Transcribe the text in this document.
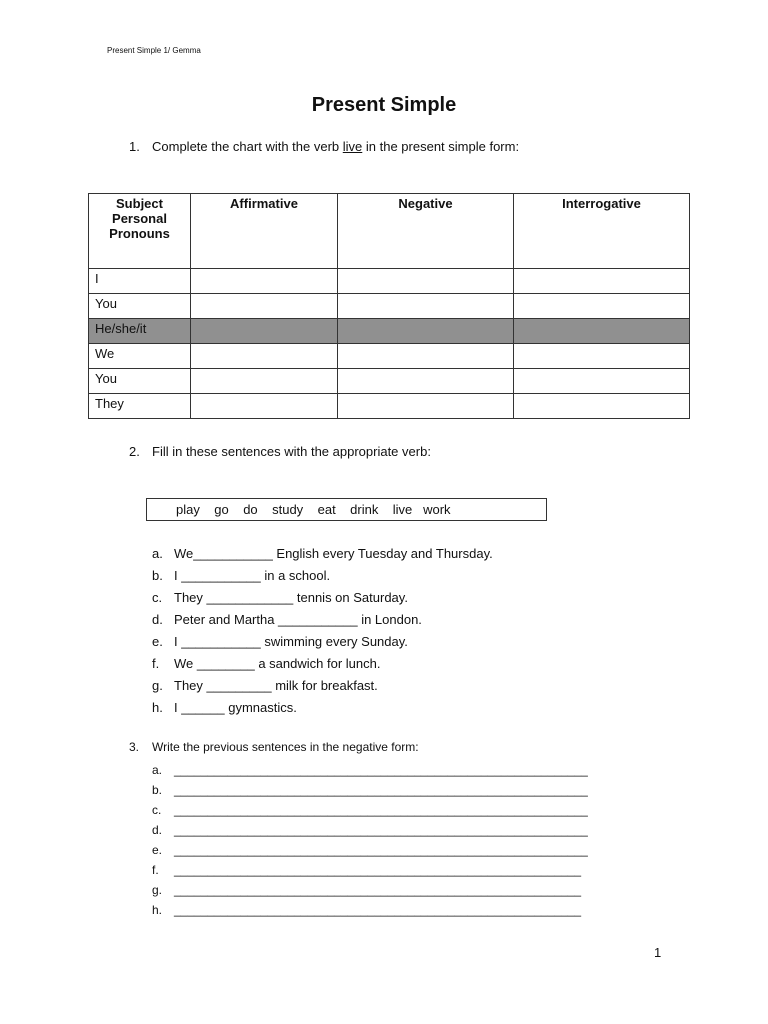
Present Simple 1/ Gemma
Present Simple
1. Complete the chart with the verb live in the present simple form:
Subject Personal Pronouns	Affirmative	Negative	Interrogative
I			
You			
He/she/it			
We			
You			
They			
2. Fill in these sentences with the appropriate verb:
play    go    do    study    eat    drink    live   work
a. We___________ English every Tuesday and Thursday.
b. I ___________ in a school.
c. They ____________ tennis on Saturday.
d. Peter and Martha ___________ in London.
e. I ___________ swimming every Sunday.
f.	We ________ a sandwich for lunch.
g. They _________ milk for breakfast.
h. I ______ gymnastics.
3.	Write the previous sentences in the negative form:
a. ______________________________________________________________
b. ______________________________________________________________
c.	______________________________________________________________
d. ______________________________________________________________
e. ______________________________________________________________
f.	_____________________________________________________________
g. _____________________________________________________________
h. _____________________________________________________________
1
